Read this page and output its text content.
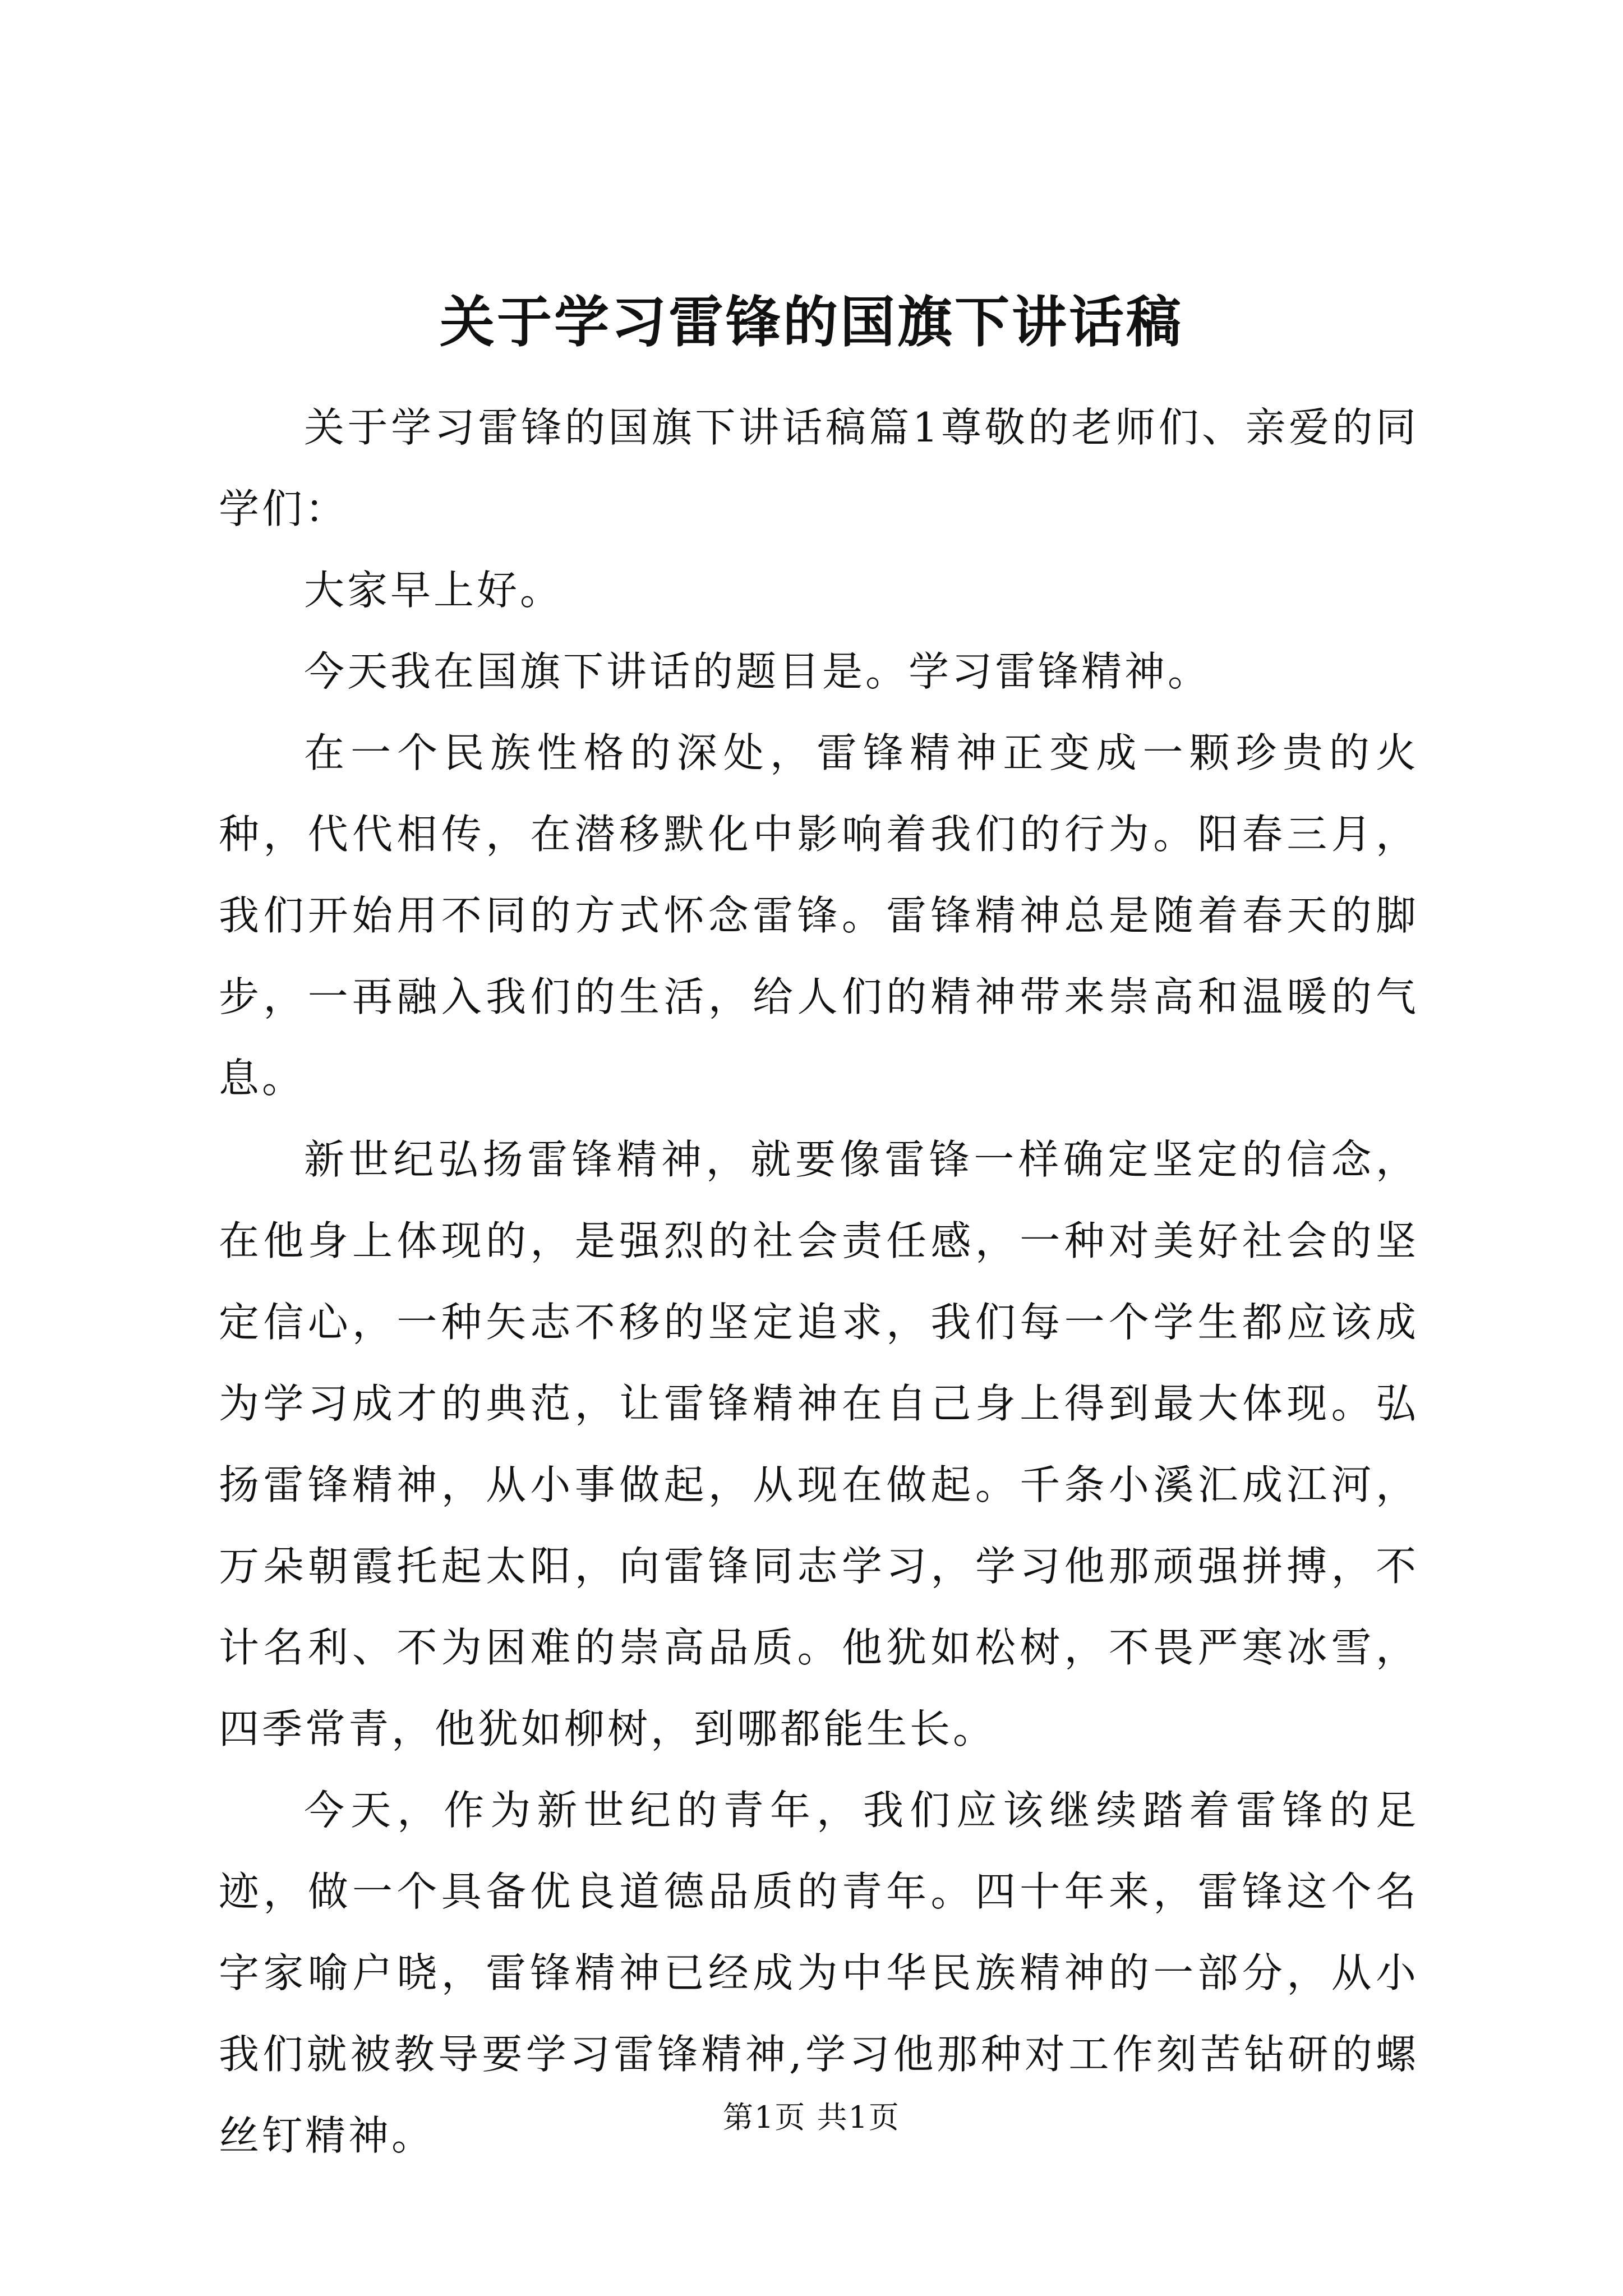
关于学习雷锋的国旗下讲话稿

关于学习雷锋的国旗下讲话稿篇1尊敬的老师们、亲爱的同学们：

大家早上好。

今天我在国旗下讲话的题目是。学习雷锋精神。

在一个民族性格的深处，雷锋精神正变成一颗珍贵的火种，代代相传，在潜移默化中影响着我们的行为。阳春三月，我们开始用不同的方式怀念雷锋。雷锋精神总是随着春天的脚步，一再融入我们的生活，给人们的精神带来崇高和温暖的气息。

新世纪弘扬雷锋精神，就要像雷锋一样确定坚定的信念，在他身上体现的，是强烈的社会责任感，一种对美好社会的坚定信心，一种矢志不移的坚定追求，我们每一个学生都应该成为学习成才的典范，让雷锋精神在自己身上得到最大体现。弘扬雷锋精神，从小事做起，从现在做起。千条小溪汇成江河，万朵朝霞托起太阳，向雷锋同志学习，学习他那顽强拼搏，不计名利、不为困难的崇高品质。他犹如松树，不畏严寒冰雪，四季常青，他犹如柳树，到哪都能生长。

今天，作为新世纪的青年，我们应该继续踏着雷锋的足迹，做一个具备优良道德品质的青年。四十年来，雷锋这个名字家喻户晓，雷锋精神已经成为中华民族精神的一部分，从小我们就被教导要学习雷锋精神,学习他那种对工作刻苦钻研的螺丝钉精神。	第1页 共1页
